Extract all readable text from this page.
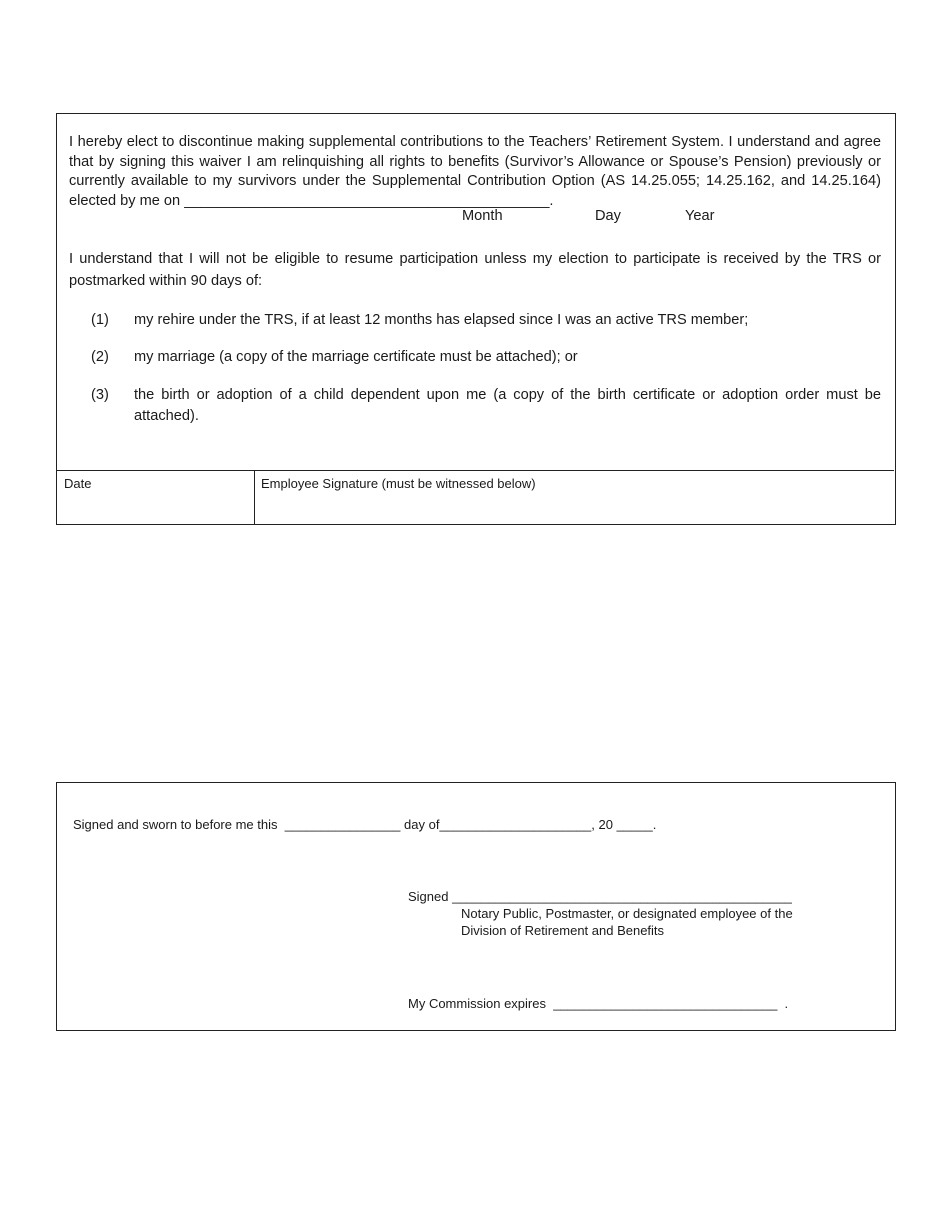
I hereby elect to discontinue making supplemental contributions to the Teachers’ Retirement System. I understand and agree that by signing this waiver I am relinquishing all rights to benefits (Survivor’s Allowance or Spouse’s Pension) previously or currently available to my survivors under the Supplemental Contribution Option (AS 14.25.055; 14.25.162, and 14.25.164) elected by me on _____________________________________________.

Month	Day	Year

I understand that I will not be eligible to resume participation unless my election to participate is received by the TRS or postmarked within 90 days of:

(1) my rehire under the TRS, if at least 12 months has elapsed since I was an active TRS member;
(2) my marriage (a copy of the marriage certificate must be attached); or
(3) the birth or adoption of a child dependent upon me (a copy of the birth certificate or adoption order must be attached).
Date	Employee Signature (must be witnessed below)
Signed and sworn to before me this  ________________ day of_____________________, 20 _____.
Signed _______________________________________________
Notary Public, Postmaster, or designated employee of the
Division of Retirement and Benefits
My Commission expires  _______________________________  .
